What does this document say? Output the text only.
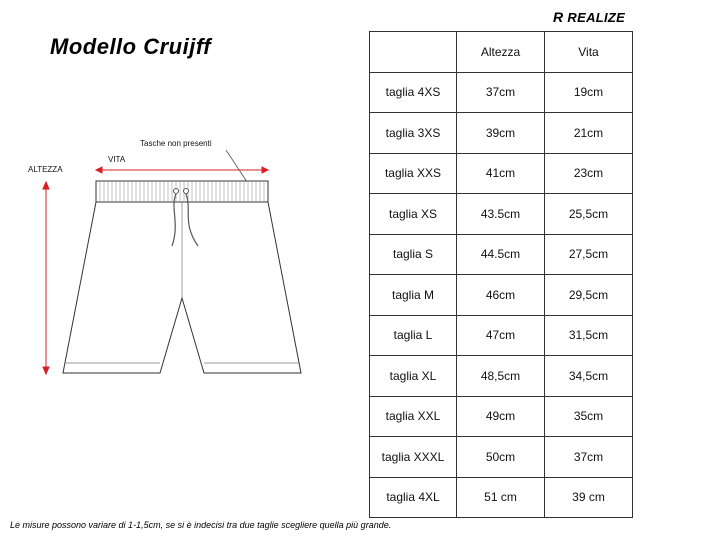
Modello Cruijff
R REALIZE
ALTEZZA
VITA
Tasche non presenti
	Altezza	Vita
taglia 4XS	37cm	19cm
taglia 3XS	39cm	21cm
taglia XXS	41cm	23cm
taglia XS	43.5cm	25,5cm
taglia S	44.5cm	27,5cm
taglia M	46cm	29,5cm
taglia L	47cm	31,5cm
taglia XL	48,5cm	34,5cm
taglia XXL	49cm	35cm
taglia XXXL	50cm	37cm
taglia 4XL	51 cm	39 cm
Le misure possono variare di 1-1,5cm, se si è indecisi tra due taglie scegliere quella più grande.
